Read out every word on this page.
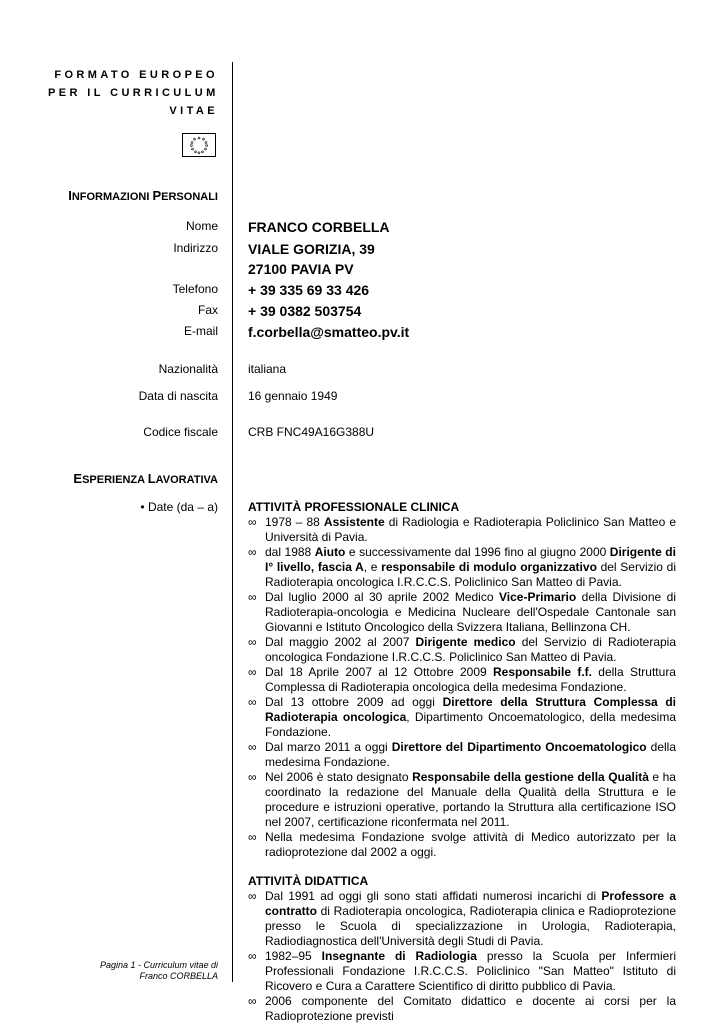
FORMATO EUROPEO
PER IL CURRICULUM
VITAE
INFORMAZIONI PERSONALI
Nome FRANCO CORBELLA
Indirizzo VIALE GORIZIA, 39
27100 PAVIA PV
Telefono + 39 335 69 33 426
Fax + 39 0382 503754
E-mail f.corbella@smatteo.pv.it
Nazionalità	italiana
Data di nascita	16 gennaio 1949
Codice fiscale	CRB FNC49A16G388U
ESPERIENZA LAVORATIVA
• Date (da – a)	ATTIVITÀ PROFESSIONALE CLINICA
∞ 1978 – 88 Assistente di Radiologia e Radioterapia Policlinico San Matteo e Università di Pavia.
∞ dal 1988 Aiuto e successivamente dal 1996 fino al giugno 2000 Dirigente di I° livello, fascia A, e responsabile di modulo organizzativo del Servizio di Radioterapia oncologica I.R.C.C.S. Policlinico San Matteo di Pavia.
∞ Dal luglio 2000 al 30 aprile 2002 Medico Vice-Primario della Divisione di Radioterapia-oncologia e Medicina Nucleare dell'Ospedale Cantonale san Giovanni e Istituto Oncologico della Svizzera Italiana, Bellinzona CH.
∞ Dal maggio 2002 al 2007 Dirigente medico del Servizio di Radioterapia oncologica Fondazione I.R.C.C.S. Policlinico San Matteo di Pavia.
∞ Dal 18 Aprile 2007 al 12 Ottobre 2009 Responsabile f.f. della Struttura Complessa di Radioterapia oncologica della medesima Fondazione.
∞ Dal 13 ottobre 2009 ad oggi Direttore della Struttura Complessa di Radioterapia oncologica, Dipartimento Oncoematologico, della medesima Fondazione.
∞ Dal marzo 2011 a oggi Direttore del Dipartimento Oncoematologico della medesima Fondazione.
∞ Nel 2006 è stato designato Responsabile della gestione della Qualità e ha coordinato la redazione del Manuale della Qualità della Struttura e le procedure e istruzioni operative, portando la Struttura alla certificazione ISO nel 2007, certificazione riconfermata nel 2011.
∞ Nella medesima Fondazione svolge attività di Medico autorizzato per la radioprotezione dal 2002 a oggi.
ATTIVITÀ DIDATTICA
∞ Dal 1991 ad oggi gli sono stati affidati numerosi incarichi di Professore a contratto di Radioterapia oncologica, Radioterapia clinica e Radioprotezione presso le Scuola di specializzazione in Urologia, Radioterapia, Radiodiagnostica dell'Università degli Studi di Pavia.
∞ 1982–95 Insegnante di Radiologia presso la Scuola per Infermieri Professionali Fondazione I.R.C.C.S. Policlinico "San Matteo" Istituto di Ricovero e Cura a Carattere Scientifico di diritto pubblico di Pavia.
∞ 2006 componente del Comitato didattico e docente ai corsi per la Radioprotezione previsti
Pagina 1 - Curriculum vitae di
Franco CORBELLA
